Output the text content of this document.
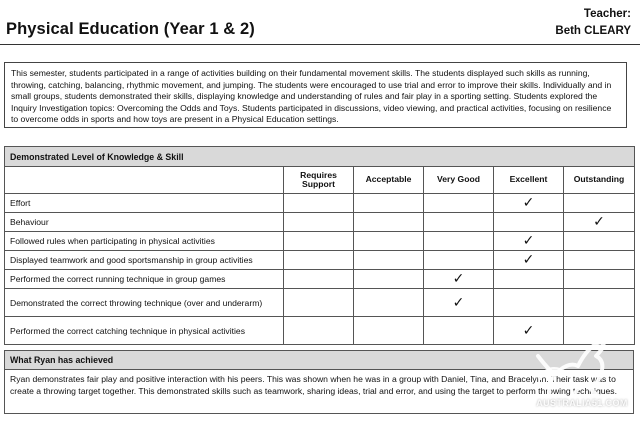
Physical Education (Year 1 & 2)
Teacher:
Beth CLEARY
This semester, students participated in a range of activities building on their fundamental movement skills. The students displayed such skills as running, throwing, catching, balancing, rhythmic movement, and jumping. The students were encouraged to use trial and error to improve their skills. Individually and in small groups, students demonstrated their skills, displaying knowledge and understanding of rules and fair play in a sporting setting. Students explored the Inquiry Investigation topics: Overcoming the Odds and Toys. Students participated in discussions, video viewing, and practical activities, focusing on resilience to overcome odds in sports and how toys are present in a Physical Education settings.
Demonstrated Level of Knowledge & Skill					
	Requires Support	Acceptable	Very Good	Excellent	Outstanding
Effort				✓	
Behaviour					✓
Followed rules when participating in physical activities				✓	
Displayed teamwork and good sportsmanship in group activities				✓	
Performed the correct running technique in group games			✓		
Demonstrated the correct throwing technique (over and underarm)			✓		
Performed the correct catching technique in physical activities				✓	
What Ryan has achieved
Ryan demonstrates fair play and positive interaction with his peers. This was shown when he was in a group with Daniel, Tina, and Bracelynn. Their task was to create a throwing target together. This demonstrated skills such as teamwork, sharing ideas, trial and error, and using the target to perform throwing techniques.
AUSTRALIA51.COM
